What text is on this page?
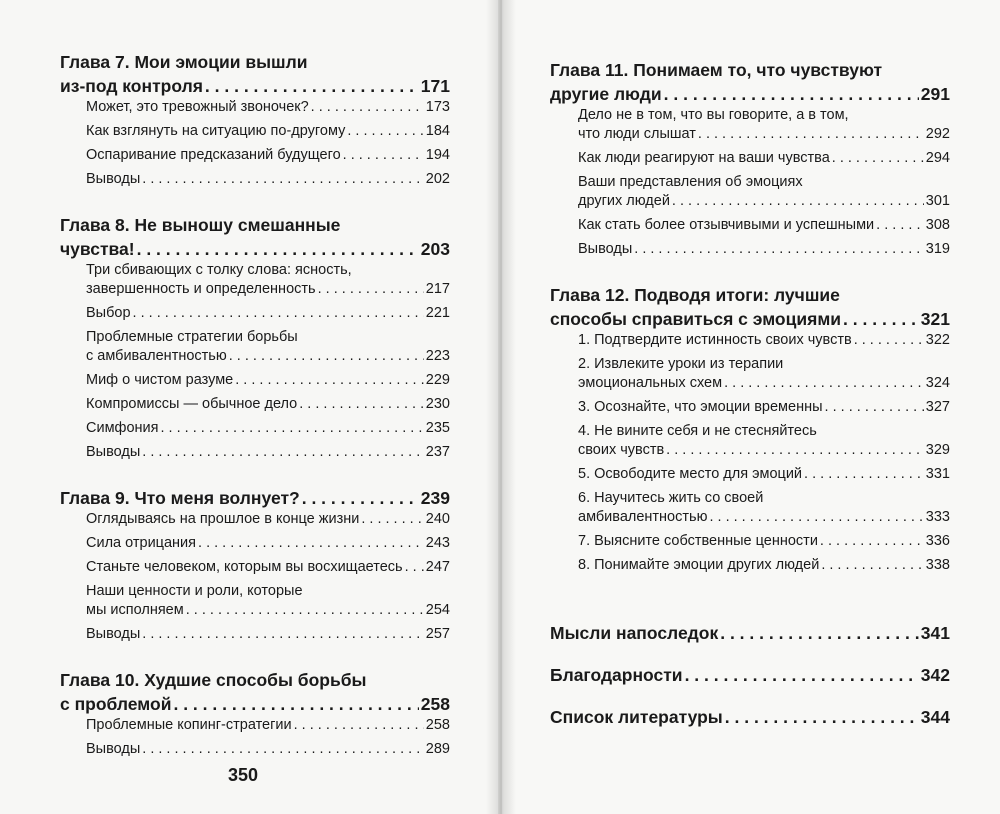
Глава 7. Мои эмоции вышли
из-под контроля . . .	171
Может, это тревожный звоночек? . . .	173
Как взглянуть на ситуацию по-другому . . .	184
Оспаривание предсказаний будущего . . .	194
Выводы . . .	202
Глава 8. Не выношу смешанные
чувства! . . .	203
Три сбивающих с толку слова: ясность,
завершенность и определенность . . .	217
Выбор . . .	221
Проблемные стратегии борьбы
с амбивалентностью . . .	223
Миф о чистом разуме . . .	229
Компромиссы — обычное дело . . .	230
Симфония . . .	235
Выводы . . .	237
Глава 9. Что меня волнует? . . .	239
Оглядываясь на прошлое в конце жизни . . .	240
Сила отрицания . . .	243
Станьте человеком, которым вы восхищаетесь . . . 247
Наши ценности и роли, которые
мы исполняем . . .	254
Выводы . . .	257
Глава 10. Худшие способы борьбы
с проблемой . . .	258
Проблемные копинг-стратегии . . .	258
Выводы . . .	289
350
Глава 11. Понимаем то, что чувствуют
другие люди . . .	291
Дело не в том, что вы говорите, а в том,
что люди слышат . . .	292
Как люди реагируют на ваши чувства . . .	294
Ваши представления об эмоциях
других людей . . .	301
Как стать более отзывчивыми и успешными . . .	308
Выводы . . .	319
Глава 12. Подводя итоги: лучшие
способы справиться с эмоциями . . .	321
1. Подтвердите истинность своих чувств . . .	322
2. Извлеките уроки из терапии
эмоциональных схем . . .	324
3. Осознайте, что эмоции временны . . .	327
4. Не вините себя и не стесняйтесь
своих чувств . . .	329
5. Освободите место для эмоций . . .	331
6. Научитесь жить со своей
амбивалентностью . . .	333
7. Выясните собственные ценности . . .	336
8. Понимайте эмоции других людей . . .	338
Мысли напоследок . . .	341
Благодарности . . .	342
Список литературы . . .	344
